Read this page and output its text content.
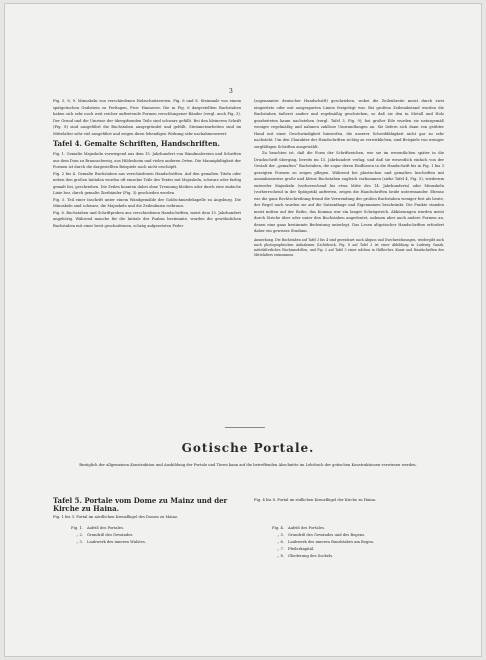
3

Fig. 5, 8, 9. Minuskeln von verschiedenen Holzschnitzereien. Fig. 6 und 8. Steinmale von einem spätgotischen Grabstein zu Ferlingen, Prov. Hannover. Die in Fig. 6 dargestellten Buchstaben haben sich sehr noch weit reicher auftretende Formen verschlungener Bänder (vergl. auch Fig. 3). Der Grund und die Umrisse der übergifsenden Teile sind schwarz gefüllt. Bei den kleineren Schrift (Fig. 8) sind ausgeführt die Buchstaben ausgegründet und gefüllt. Steinmetzarbeiten sind im Mittelalter sehr viel ausgeführt und zeigen ihren lebendigen Wirkung sehr nachahmenswert.

Tafel 4. Gemalte Schriften, Handschriften.

Fig. 1. Gemalte Majuskeln vorwiegend aus dem 15. Jahrhundert von Wandmalereien und Schriften aus dem Dom zu Braunschweig, aus Hildesheim und vielen anderen Orten. Die Mannigfaltigkeit der Formen ist durch die dargestellten Beispiele noch nicht erschöpft.

Fig. 2 bis 4. Gemalte Buchstaben aus verschiedenen Handschriften. Auf den gemalten Titeln oder neben den großen Initialen wurden oft einzelne Teile des Textes mit Majuskeln, schwarz oder farbig gemalt bei, geschrieben. Die Zeilen konnten dabei ohne Trennung bleiben oder durch eine einfache Linie bez. durch gemalte Zierbänder (Fig. 3) geschieden werden.

Fig. 5. Teil einer Inschrift unter einem Wandgemälde der Goldschmiedekapelle zu Augsburg. Die Minuskeln sind schwarz, die Majuskeln und die Zeilenlinien rotbraun.

Fig. 6. Buchstaben und Schriftproben aus verschiedenen Handschriften, meist dem 15. Jahrhundert angehörig. Während manche für die Initiale des Psalms bestimmte, wurden die gewöhnlichen Buchstaben mit einer breit geschnittenen, schräg aufgesetzten Feder

(sogenannter deutscher Handschrift) geschrieben, wobei die Zeilenbreite meist durch zwei eingeritzte oder mit ausgesparten Linien festgelegt war. Bei großem Zeilenabstand wurden die Buchstaben äußerst sauber und regelmäßig geschrieben, so daß sie den in Metall und Holz gearbeiteten kaum nachstehen (vergl. Tafel 3, Fig. 9); bei großer Eile wurden sie naturgemäß weniger regelmäßig und nahmen zahllose Umwandlungen an. Sie liefern sich dann von geübter Hand mit einer Geschwindigkeit hinwerfen, die unserer Schreibfähigkeit nicht gar zu sehr nachsteht. Um den Charakter der Handschriften richtig zu verwirklichen, sind Beispiele von weniger sorgfältigen Schriften ausgewählt.

Zu beachten ist, daß die Form der Schriftzeichen, wie sie im wesentlichen später in die Druckschrift überging, bereits im 15. Jahrhundert verlag, und daß sie wesentlich einfach von der Gestalt der „gemalten“ Buchstaben, die sogar deren Einflüssen in die Handschrift bis in Fig. 1 bis 3 gezeigten Formen zu zeigen pflegen. Während bei plastischen und gemalten Inschriften mit ausnahmsweise große und kleine Buchstaben zugleich vorkommen (siehe Tafel 4, Fig. 5), wiederum entweder Majuskeln (vorherrschend bis etwa Mitte des 14. Jahrhunderts) oder Minuskeln (vorherrschend in der Spätgotik) auftreten, zeigen die Handschriften beide untereinander. Ebenso wie die ganz Rechtschreibung fremd die Verwendung der großen Buchstaben weniger fest als heute, der Regel nach wurden sie auf die Satzanfänge und Eigennamen beschränkt. Die Punkte standen meist mitten auf der Reihe, das Komma war ein langer Schrägstrich. Abkürzungen wurden meist durch Striche über oder unter den Buchstaben angedeutet, nahmen aber auch andere Formen an, denen eine ganz bestimmte Bedeutung unterlegt. Das Lesen altgotischer Handschriften erfordert daher ein gewisses Studium.

Anmerkung. Die Buchstaben auf Tafel 3 bis 4 sind gezeichnet nach Abguss und Durchzeichnungen, wiedergibt auch nach photographischen Aufnahmen (Lichtdruck, Fig. 8 auf Tafel 3 ist einer Abbildung in Ludewig Ganzk, mittelalterliches Wachsmodellen, und Fig. 2 auf Tafel 3 einer solchen in Hülbecher, Kunst und Handschriften des Mittelalters entnommen.

Gotische Portale.
Bezüglich der allgemeinen Konstruktion und Ausbildung der Portale und Türen kann auf die betreffenden Abschnitte im Lehrbuch der gotischen Konstruktionen verwiesen werden.

Tafel 5. Portale vom Dome zu Mainz und der Kirche zu Haina.

Fig. 1 bis 3. Portal im nördlichen Kreuzflügel des Domes zu Mainz.

Fig. 4 bis 8. Portal im südlichen Kreuzflügel der Kirche zu Haina.

Fig. 1.	Aufriß des Portales.
„ 2.	Grundriß des Gewändes.
„ 3.	Laubwerk des inneren Wulstes.
Fig. 4.	Aufriß des Portales.
„ 5.	Grundriß des Gewändes und des Bogens.
„ 6.	Laubwerk des inneren Rundstabes am Bogen.
„ 7.	Pfeilerkapitäl.
„ 8.	Gliederung des Sockels.
